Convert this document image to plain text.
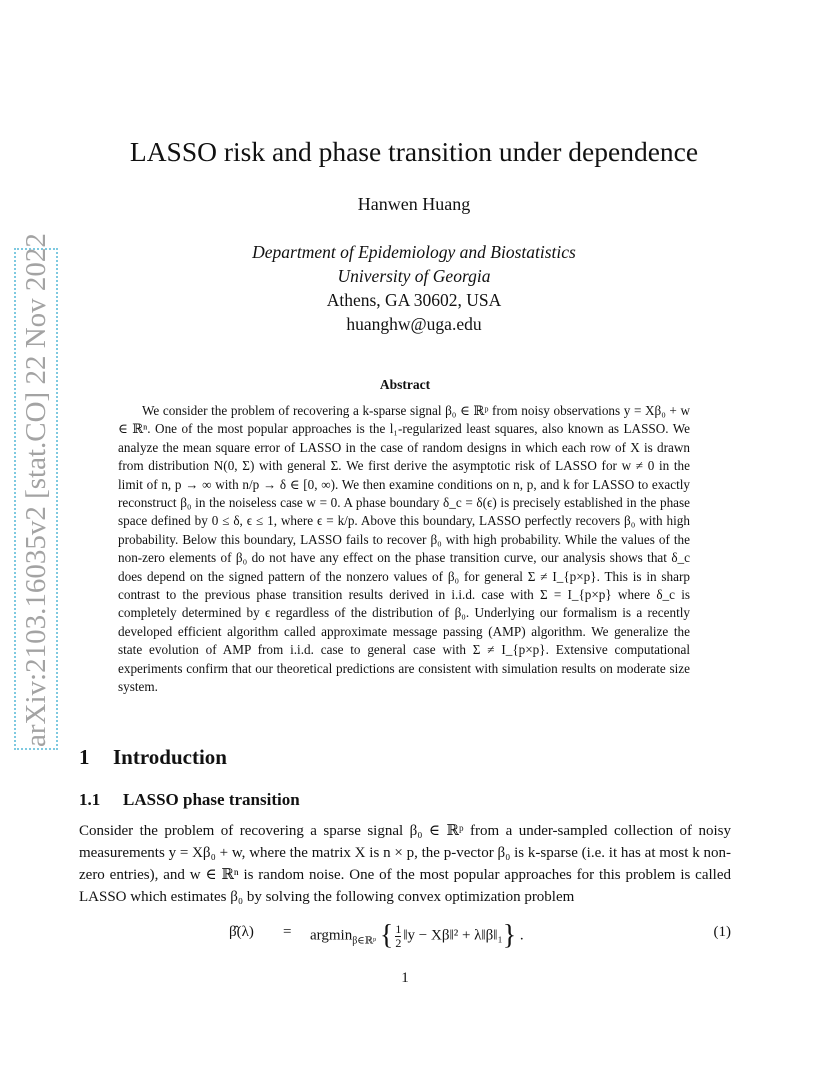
arXiv:2103.16035v2 [stat.CO] 22 Nov 2022
LASSO risk and phase transition under dependence
Hanwen Huang
Department of Epidemiology and Biostatistics
University of Georgia
Athens, GA 30602, USA
huanghw@uga.edu
Abstract

We consider the problem of recovering a k-sparse signal β₀ ∈ ℝᵖ from noisy observations y = Xβ₀ + w ∈ ℝⁿ. One of the most popular approaches is the l₁-regularized least squares, also known as LASSO. We analyze the mean square error of LASSO in the case of random designs in which each row of X is drawn from distribution N(0, Σ) with general Σ. We first derive the asymptotic risk of LASSO for w ≠ 0 in the limit of n, p → ∞ with n/p → δ ∈ [0, ∞). We then examine conditions on n, p, and k for LASSO to exactly reconstruct β₀ in the noiseless case w = 0. A phase boundary δ_c = δ(ϵ) is precisely established in the phase space defined by 0 ≤ δ, ϵ ≤ 1, where ϵ = k/p. Above this boundary, LASSO perfectly recovers β₀ with high probability. Below this boundary, LASSO fails to recover β₀ with high probability. While the values of the non-zero elements of β₀ do not have any effect on the phase transition curve, our analysis shows that δ_c does depend on the signed pattern of the nonzero values of β₀ for general Σ ≠ I_{p×p}. This is in sharp contrast to the previous phase transition results derived in i.i.d. case with Σ = I_{p×p} where δ_c is completely determined by ϵ regardless of the distribution of β₀. Underlying our formalism is a recently developed efficient algorithm called approximate message passing (AMP) algorithm. We generalize the state evolution of AMP from i.i.d. case to general case with Σ ≠ I_{p×p}. Extensive computational experiments confirm that our theoretical predictions are consistent with simulation results on moderate size system.

1 Introduction
1.1 LASSO phase transition

Consider the problem of recovering a sparse signal β₀ ∈ ℝᵖ from a under-sampled collection of noisy measurements y = Xβ₀ + w, where the matrix X is n × p, the p-vector β₀ is k-sparse (i.e. it has at most k non-zero entries), and w ∈ ℝⁿ is random noise. One of the most popular approaches for this problem is called LASSO which estimates β₀ by solving the following convex optimization problem

β̂(λ) = argmin$_{\beta\in ℝᵖ}$ { $\frac{1}{2}$ ‖y − Xβ‖² + λ‖β‖₁} .	(1)
1
